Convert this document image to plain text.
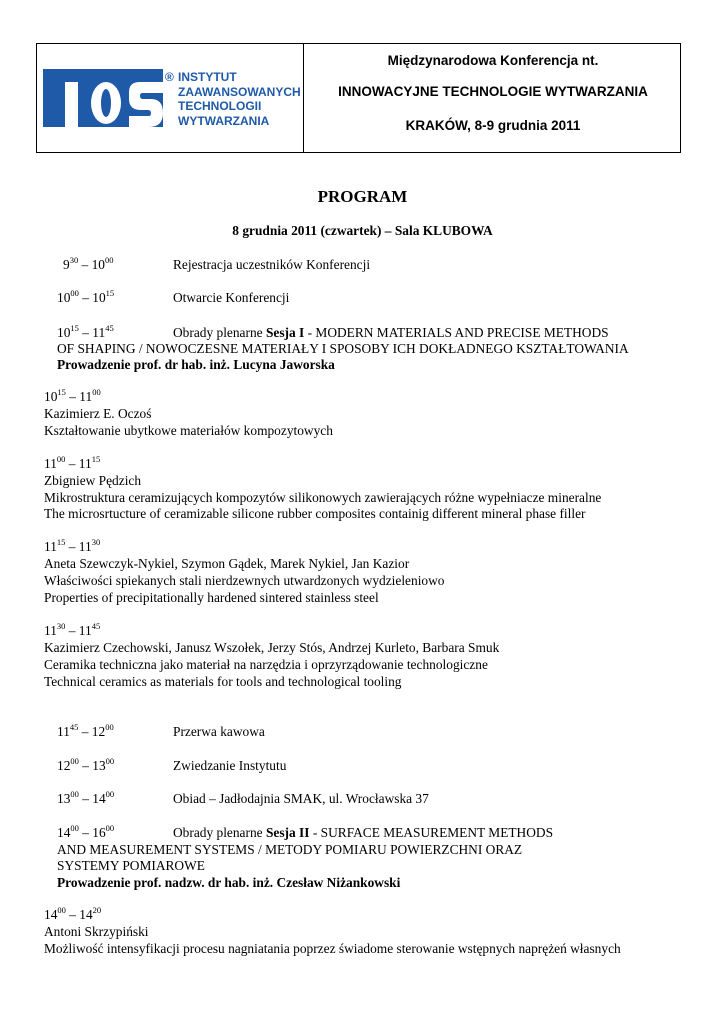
® INSTYTUT
ZAAWANSOWANYCH
TECHNOLOGII
WYTWARZANIA
Międzynarodowa Konferencja nt.
INNOWACYJNE TECHNOLOGIE WYTWARZANIA
KRAKÓW, 8-9 grudnia 2011
PROGRAM
8 grudnia 2011 (czwartek) – Sala KLUBOWA
$9^{30} - 10^{00}$	Rejestracja uczestników Konferencji
$10^{00} - 10^{15}$	Otwarcie Konferencji
$10^{15} - 11^{45}$	Obrady plenarne Sesja I - MODERN MATERIALS AND PRECISE METHODS
OF SHAPING / NOWOCZESNE MATERIAŁY I SPOSOBY ICH DOKŁADNEGO KSZTAŁTOWANIA
Prowadzenie prof. dr hab. inż. Lucyna Jaworska
$10^{15} - 11^{00}$
Kazimierz E. Oczoś
Kształtowanie ubytkowe materiałów kompozytowych
$11^{00} - 11^{15}$
Zbigniew Pędzich
Mikrostruktura ceramizujących kompozytów silikonowych zawierających różne wypełniacze mineralne
The microsrtucture of ceramizable silicone rubber composites containig different mineral phase filler
$11^{15} - 11^{30}$
Aneta Szewczyk-Nykiel, Szymon Gądek, Marek Nykiel, Jan Kazior
Właściwości spiekanych stali nierdzewnych utwardzonych wydzieleniowo
Properties of precipitationally hardened sintered stainless steel
$11^{30} - 11^{45}$
Kazimierz Czechowski, Janusz Wszołek, Jerzy Stós, Andrzej Kurleto, Barbara Smuk
Ceramika techniczna jako materiał na narzędzia i oprzyrządowanie technologiczne
Technical ceramics as materials for tools and technological tooling
$11^{45} - 12^{00}$	Przerwa kawowa
$12^{00} - 13^{00}$	Zwiedzanie Instytutu
$13^{00} - 14^{00}$	Obiad – Jadłodajnia SMAK, ul. Wrocławska 37
$14^{00} - 16^{00}$	Obrady plenarne Sesja II - SURFACE MEASUREMENT METHODS
AND MEASUREMENT SYSTEMS / METODY POMIARU POWIERZCHNI ORAZ
SYSTEMY POMIAROWE
Prowadzenie prof. nadzw. dr hab. inż. Czesław Niżankowski
$14^{00} - 14^{20}$
Antoni Skrzypiński
Możliwość intensyfikacji procesu nagniatania poprzez świadome sterowanie wstępnych naprężeń własnych
